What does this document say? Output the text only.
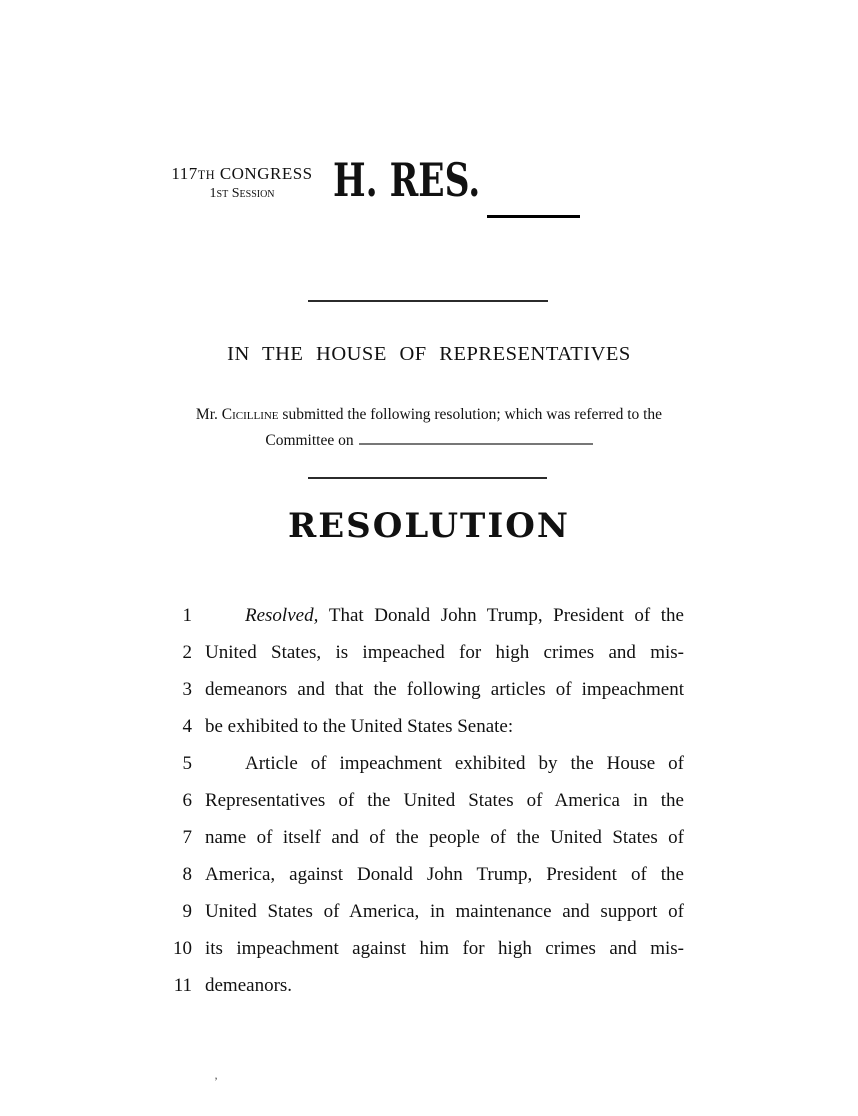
117TH CONGRESS
1ST Session	H. RES.
IN THE HOUSE OF REPRESENTATIVES
Mr. Cicilline submitted the following resolution; which was referred to the
Committee on
RESOLUTION
1	Resolved, That Donald John Trump, President of the
2 United States, is impeached for high crimes and mis-
3 demeanors and that the following articles of impeachment
4 be exhibited to the United States Senate:
5	Article of impeachment exhibited by the House of
6 Representatives of the United States of America in the
7 name of itself and of the people of the United States of
8 America, against Donald John Trump, President of the
9 United States of America, in maintenance and support of
10 its impeachment against him for high crimes and mis-
11 demeanors.
’
